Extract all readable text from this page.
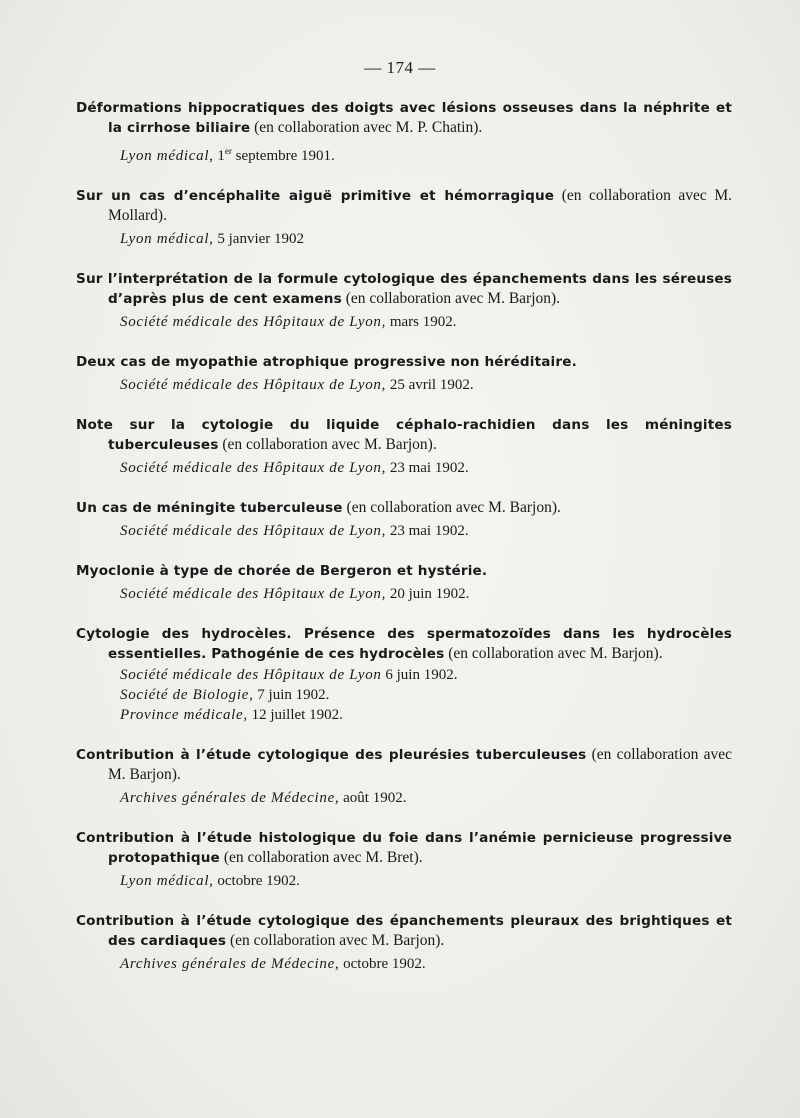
— 174 —

Déformations hippocratiques des doigts avec lésions osseuses dans la néphrite et la cirrhose biliaire (en collaboration avec M. P. Chatin).

Lyon médical, 1er septembre 1901.

Sur un cas d’encéphalite aiguë primitive et hémorragique (en collaboration avec M. Mollard).

Lyon médical, 5 janvier 1902

Sur l’interprétation de la formule cytologique des épanchements dans les séreuses d’après plus de cent examens (en collaboration avec M. Barjon).

Société médicale des Hôpitaux de Lyon, mars 1902.

Deux cas de myopathie atrophique progressive non héréditaire.

Société médicale des Hôpitaux de Lyon, 25 avril 1902.

Note sur la cytologie du liquide céphalo-rachidien dans les méningites tuberculeuses (en collaboration avec M. Barjon).

Société médicale des Hôpitaux de Lyon, 23 mai 1902.

Un cas de méningite tuberculeuse (en collaboration avec M. Barjon).

Société médicale des Hôpitaux de Lyon, 23 mai 1902.

Myoclonie à type de chorée de Bergeron et hystérie.

Société médicale des Hôpitaux de Lyon, 20 juin 1902.

Cytologie des hydrocèles. Présence des spermatozoïdes dans les hydrocèles essentielles. Pathogénie de ces hydrocèles (en collaboration avec M. Barjon).

Société médicale des Hôpitaux de Lyon 6 juin 1902.
Société de Biologie, 7 juin 1902.
Province médicale, 12 juillet 1902.

Contribution à l’étude cytologique des pleurésies tuberculeuses (en collaboration avec M. Barjon).

Archives générales de Médecine, août 1902.

Contribution à l’étude histologique du foie dans l’anémie pernicieuse progressive protopathique (en collaboration avec M. Bret).

Lyon médical, octobre 1902.

Contribution à l’étude cytologique des épanchements pleuraux des brightiques et des cardiaques (en collaboration avec M. Barjon).

Archives générales de Médecine, octobre 1902.
